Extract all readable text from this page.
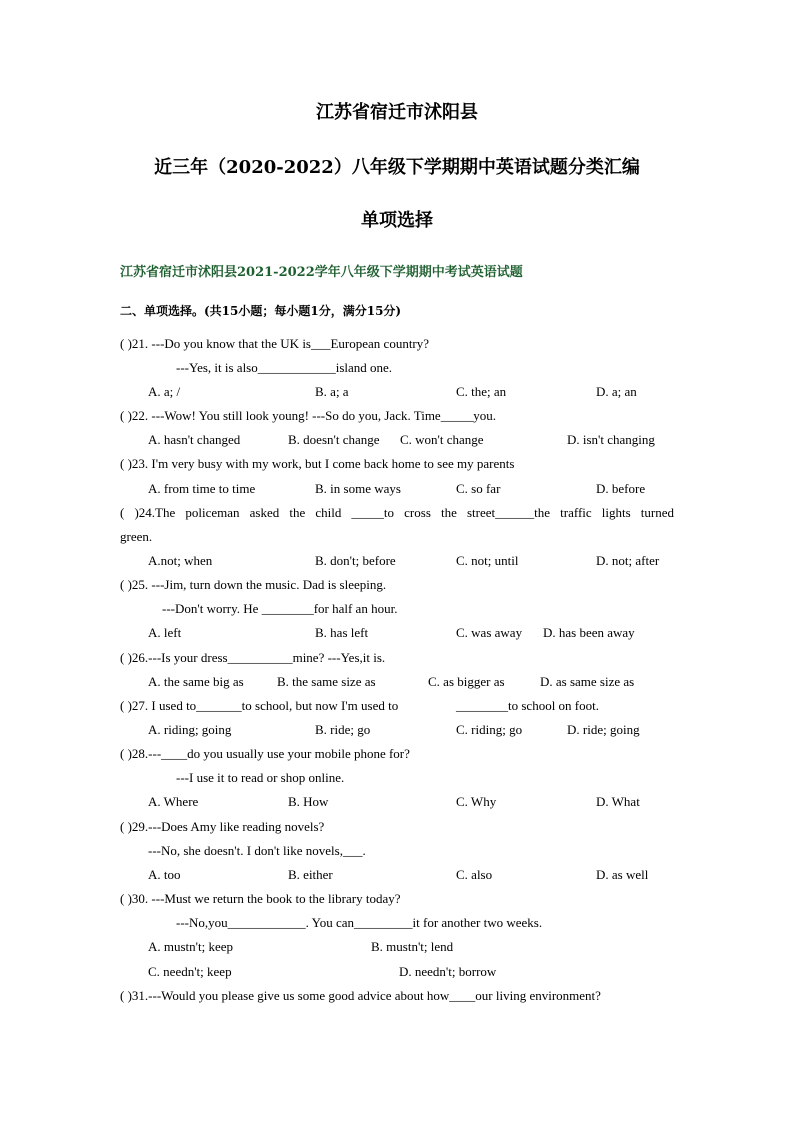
江苏省宿迁市沭阳县
近三年（2020-2022）八年级下学期期中英语试题分类汇编
单项选择
江苏省宿迁市沭阳县2021-2022学年八年级下学期期中考试英语试题
二、单项选择。(共15小题；每小题1分，满分15分)
( )21. ---Do you know that the UK is___European country?
---Yes, it is also____________island one.
A. a; /	B. a; a	C. the; an	D. a; an
( )22. ---Wow! You still look young! ---So do you, Jack. Time_____you.
A. hasn't changed	B. doesn't change C. won't change	D. isn't changing
( )23. I'm very busy with my work, but I come back home to see my parents
A. from time to time	B. in some ways	C. so far	D. before
( )24.The policeman asked the child _____to cross the street______the traffic lights turned
green.
A.not; when	B. don't; before	C. not; until	D. not; after
( )25. ---Jim, turn down the music. Dad is sleeping.
---Don't worry. He ________for half an hour.
A. left	B. has left	C. was away D. has been away
( )26.---Is your dress__________mine? ---Yes,it is.
A. the same big as	B. the same size as	C. as bigger as	D. as same size as
( )27. I used to_______to school, but now I'm used to	________to school on foot.
A. riding; going	B. ride; go	C. riding; go	D. ride; going
( )28.---____do you usually use your mobile phone for?
---I use it to read or shop online.
A. Where	B. How	C. Why	D. What
( )29.---Does Amy like reading novels?
---No, she doesn't. I don't like novels,___.
A. too	B. either	C. also	D. as well
( )30. ---Must we return the book to the library today?
---No,you____________. You can_________it for another two weeks.
A. mustn't; keep	B. mustn't; lend
C. needn't; keep	D. needn't; borrow
( )31.---Would you please give us some good advice about how____our living environment?
